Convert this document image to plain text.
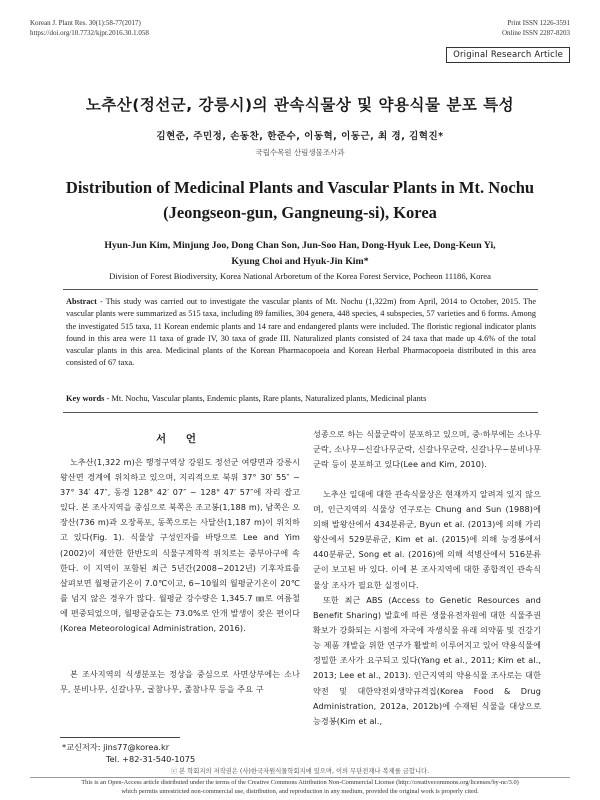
Korean J. Plant Res. 30(1):58-77(2017)
https://doi.org/10.7732/kjpr.2016.30.1.058
Print ISSN 1226-3591
Online ISSN 2287-8203
Original Research Article
노추산(정선군, 강릉시)의 관속식물상 및 약용식물 분포 특성
김현준, 주민정, 손동찬, 한준수, 이동혁, 이동근, 최 경, 김혁진*
국립수목원 산림생물조사과
Distribution of Medicinal Plants and Vascular Plants in Mt. Nochu
(Jeongseon-gun, Gangneung-si), Korea
Hyun-Jun Kim, Minjung Joo, Dong Chan Son, Jun-Soo Han, Dong-Hyuk Lee, Dong-Keun Yi,
Kyung Choi and Hyuk-Jin Kim*
Division of Forest Biodiversity, Korea National Arboretum of the Korea Forest Service, Pocheon 11186, Korea
Abstract - This study was carried out to investigate the vascular plants of Mt. Nochu (1,322m) from April, 2014 to October, 2015. The vascular plants were summarized as 515 taxa, including 89 families, 304 genera, 448 species, 4 subspecies, 57 varieties and 6 forms. Among the investigated 515 taxa, 11 Korean endemic plants and 14 rare and endangered plants were included. The floristic regional indicator plants found in this area were 11 taxa of grade IV, 30 taxa of grade III. Naturalized plants consisted of 24 taxa that made up 4.6% of the total vascular plants in this area. Medicinal plants of the Korean Pharmacopoeia and Korean Herbal Pharmacopoeia distributed in this area consisted of 67 taxa.
Key words - Mt. Nochu, Vascular plants, Endemic plants, Rare plants, Naturalized plants, Medicinal plants
서 언
노추산(1,322 m)은 행정구역상 강원도 정선군 여량면과 강릉시 왕산면 경계에 위치하고 있으며, 지리적으로 북위 37° 30′ 55″ ~ 37° 34′ 47″, 동경 128° 42′ 07″ ~ 128° 47′ 57″에 자리 잡고 있다. 본 조사지역을 중심으로 북쪽은 조고봉(1,188 m), 남쪽은 오장산(736 m)과 오장폭포, 동쪽으로는 사달산(1,187 m)이 위치하고 있다(Fig. 1). 식물상 구성인자를 바탕으로 Lee and Yim (2002)이 제안한 한반도의 식물구계학적 위치로는 중부아구에 속한다. 이 지역이 포함된 최근 5년간(2008~2012년) 기후자료를 살펴보면 월평균기온이 7.0℃이고, 6~10월의 월평균기온이 20℃를 넘지 않은 경우가 많다. 월평균 강수량은 1,345.7 ㎜로 여름철에 편중되었으며, 월평균습도는 73.0%로 안개 발생이 잦은 편이다(Korea Meteorological Administration, 2016).
본 조사지역의 식생분포는 정상을 중심으로 사면상부에는 소나무, 분비나무, 신갈나무, 굴참나무, 졸참나무 등을 주요 구
성종으로 하는 식물군락이 분포하고 있으며, 중·하부에는 소나무군락, 소나무−신갈나무군락, 신갈나무군락, 신갈나무−분비나무군락 등이 분포하고 있다(Lee and Kim, 2010).
노추산 일대에 대한 관속식물상은 현재까지 알려져 있지 않으며, 인근지역의 식물상 연구로는 Chung and Sun (1988)에 의해 발왕산에서 434분류군, Byun et al. (2013)에 의해 가리왕산에서 529분류군, Kim et al. (2015)에 의해 능경봉에서 440분류군, Song et al. (2016)에 의해 석병산에서 516분류군이 보고된 바 있다. 이에 본 조사지역에 대한 종합적인 관속식물상 조사가 필요한 실정이다.
또한 최근 ABS (Access to Genetic Resources and Benefit Sharing) 발효에 따른 생물유전자원에 대한 식물주권확보가 강화되는 시점에 자국에 자생식물 유래 의약품 및 건강기능 제품 개발을 위한 연구가 활발히 이루어지고 있어 약용식물에 정밀한 조사가 요구되고 있다(Yang et al., 2011; Kim et al., 2013; Lee et al., 2013). 인근지역의 약용식물 조사로는 대한약전 및 대한약전외생약규격집(Korea Food & Drug Administration, 2012a, 2012b)에 수재된 식물을 대상으로 능경봉(Kim et al.,
*교신저자: jins77@korea.kr
Tel. +82-31-540-1075
ⓒ 본 학회지의 저작권은 (사)한국자원식물학회지에 있으며, 이의 무단전재나 복제를 금합니다.
This is an Open-Access article distributed under the terms of the Creative Commons Attribution Non-Commercial License (http://creativecommons.org/licenses/by-nc/3.0)
which permits unrestricted non-commercial use, distribution, and reproduction in any medium, provided the original work is properly cited.
